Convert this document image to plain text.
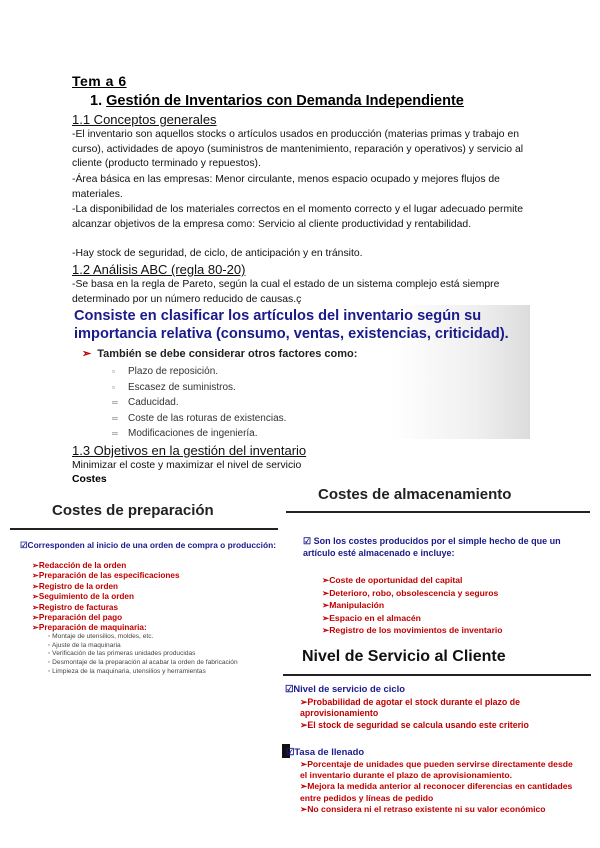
Tem a 6
1. Gestión de Inventarios con Demanda Independiente
1.1 Conceptos generales
-El inventario son aquellos stocks o artículos usados en producción (materias primas y trabajo en curso), actividades de apoyo (suministros de mantenimiento, reparación y operativos) y servicio al cliente (producto terminado y repuestos).
-Área básica en las empresas: Menor circulante, menos espacio ocupado y mejores flujos de materiales.
-La disponibilidad de los materiales correctos en el momento correcto y el lugar adecuado permite alcanzar objetivos de la empresa como: Servicio al cliente productividad y rentabilidad.
-Hay stock de seguridad, de ciclo, de anticipación y en tránsito.
1.2 Análisis ABC (regla 80-20)
-Se basa en la regla de Pareto, según la cual el estado de un sistema complejo está siempre determinado por un número reducido de causas.ç
Consiste en clasificar los artículos del inventario según su importancia relativa (consumo, ventas, existencias, criticidad).
➢ También se debe considerar otros factores como:
▫ Plazo de reposición.
▫ Escasez de suministros.
═ Caducidad.
═ Coste de las roturas de existencias.
═ Modificaciones de ingeniería.
1.3 Objetivos en la gestión del inventario
Minimizar el coste y maximizar el nivel de servicio
Costes
Costes de preparación
☑Corresponden al inicio de una orden de compra o producción:
➢Redacción de la orden
➢Preparación de las especificaciones
➢Registro de la orden
➢Seguimiento de la orden
➢Registro de facturas
➢Preparación del pago
➢Preparación de maquinaria:
◦ Montaje de utensilios, moldes, etc.
◦ Ajuste de la maquinaria
◦ Verificación de las primeras unidades producidas
◦ Desmontaje de la preparación al acabar la orden de fabricación
◦ Limpieza de la maquinaria, utensilios y herramientas
Costes de almacenamiento
☑ Son los costes producidos por el simple hecho de que un artículo esté almacenado e incluye:
➢Coste de oportunidad del capital
➢Deterioro, robo, obsolescencia y seguros
➢Manipulación
➢Espacio en el almacén
➢Registro de los movimientos de inventario
Nivel de Servicio al Cliente
☑Nivel de servicio de ciclo
➢Probabilidad de agotar el stock durante el plazo de aprovisionamiento
➢El stock de seguridad se calcula usando este criterio
☑Tasa de llenado
➢Porcentaje de unidades que pueden servirse directamente desde el inventario durante el plazo de aprovisionamiento.
➢Mejora la medida anterior al reconocer diferencias en cantidades entre pedidos y líneas de pedido
➢No considera ni el retraso existente ni su valor económico
